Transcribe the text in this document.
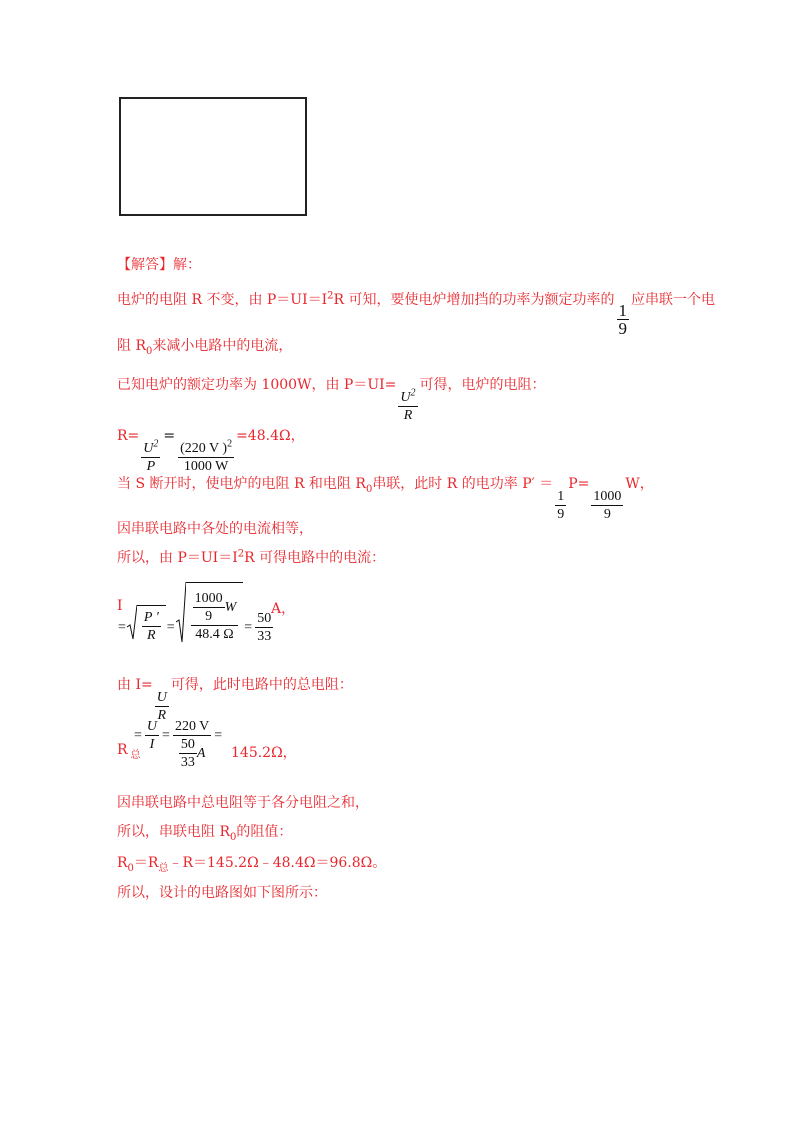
【解答】解：
电炉的电阻 R 不变，由 $P=UI=I^2R$ 可知，要使电炉增加挡的功率为额定功率的
$\frac{1}{9}$
应串联一个电
阻 $R_0$来减小电路中的电流，
已知电炉的额定功率为 1000W，由 P＝UI=
$\frac{U^2}{R}$
可得，电炉的电阻：
R=
$\frac{U^2}{P}$
=
$\frac{(220 V )^2}{1000 W}$
=48.4Ω，
当 S 断开时，使电炉的电阻 R 和电阻 $R_0$串联，此时 R 的电功率 P′ ＝
$\frac{1}{9}$
P=
$\frac{1000}{9}$
W，
因串联电路中各处的电流相等，
所以，由 $P=UI=I^2R$ 可得电路中的电流：
I
= $\frac{P '}{R} = \frac{\frac{1000}{9} W}{48.4 \Omega} = \frac{50}{33}$
A，
由 I=
$\frac{U}{R}$
可得，此时电路中的总电阻：
R $_总$
= $\frac{U}{I} = \frac{220 V}{\frac{50}{33} A}$ =
145.2Ω，
因串联电路中总电阻等于各分电阻之和，
所以，串联电阻 $R_0$的阻值：
$R_0=R_总﹣R=145.2\Omega﹣48.4\Omega=96.8\Omega$。
所以，设计的电路图如下图所示：
